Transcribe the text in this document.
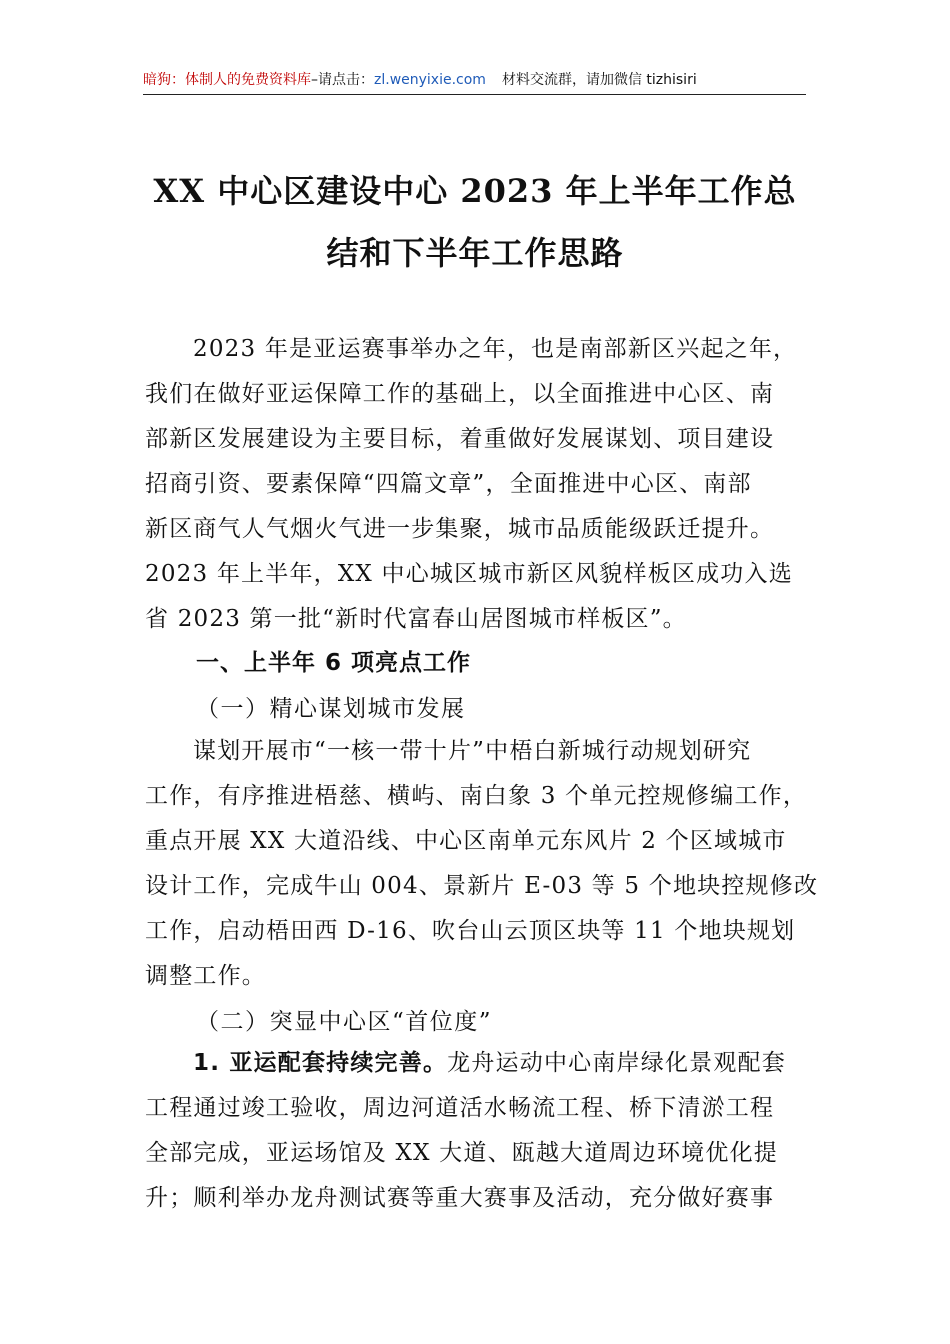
暗狗：体制人的免费资料库–请点击：zl.wenyixie.com 材料交流群，请加微信 tizhisiri
XX 中心区建设中心 2023 年上半年工作总
结和下半年工作思路
2023 年是亚运赛事举办之年，也是南部新区兴起之年，
我们在做好亚运保障工作的基础上，以全面推进中心区、南
部新区发展建设为主要目标，着重做好发展谋划、项目建设
招商引资、要素保障“四篇文章”，全面推进中心区、南部
新区商气人气烟火气进一步集聚，城市品质能级跃迁提升。
2023 年上半年，XX 中心城区城市新区风貌样板区成功入选
省 2023 第一批“新时代富春山居图城市样板区”。
一、上半年 6 项亮点工作
（一）精心谋划城市发展
谋划开展市“一核一带十片”中梧白新城行动规划研究
工作，有序推进梧慈、横屿、南白象 3 个单元控规修编工作，
重点开展 XX 大道沿线、中心区南单元东风片 2 个区域城市
设计工作，完成牛山 004、景新片 E-03 等 5 个地块控规修改
工作，启动梧田西 D-16、吹台山云顶区块等 11 个地块规划
调整工作。
（二）突显中心区“首位度”
1. 亚运配套持续完善。龙舟运动中心南岸绿化景观配套
工程通过竣工验收，周边河道活水畅流工程、桥下清淤工程
全部完成，亚运场馆及 XX 大道、瓯越大道周边环境优化提
升；顺利举办龙舟测试赛等重大赛事及活动，充分做好赛事
